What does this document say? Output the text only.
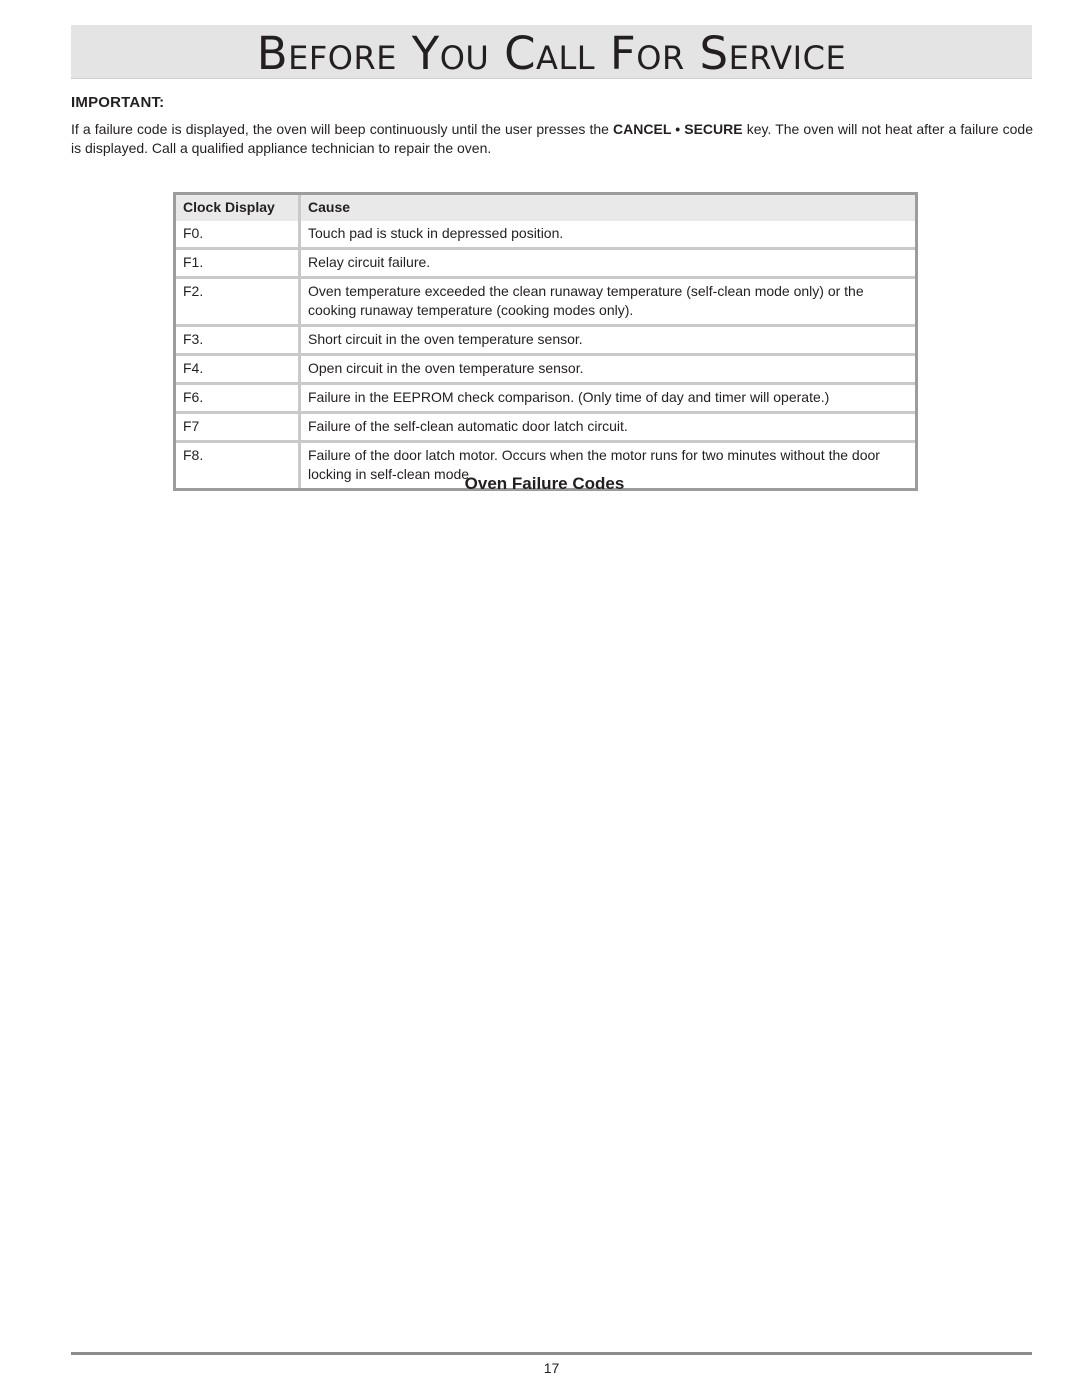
Before You Call For Service
IMPORTANT:

If a failure code is displayed, the oven will beep continuously until the user presses the CANCEL • SECURE key. The oven will not heat after a failure code is displayed. Call a qualified appliance technician to repair the oven.

Clock Display	Cause
F0.	Touch pad is stuck in depressed position.
F1.	Relay circuit failure.
F2.	Oven temperature exceeded the clean runaway temperature (self-clean mode only) or the cooking runaway temperature (cooking modes only).
F3.	Short circuit in the oven temperature sensor.
F4.	Open circuit in the oven temperature sensor.
F6.	Failure in the EEPROM check comparison. (Only time of day and timer will operate.)
F7	Failure of the self-clean automatic door latch circuit.
F8.	Failure of the door latch motor. Occurs when the motor runs for two minutes without the door locking in self-clean mode.
Oven Failure Codes
17
